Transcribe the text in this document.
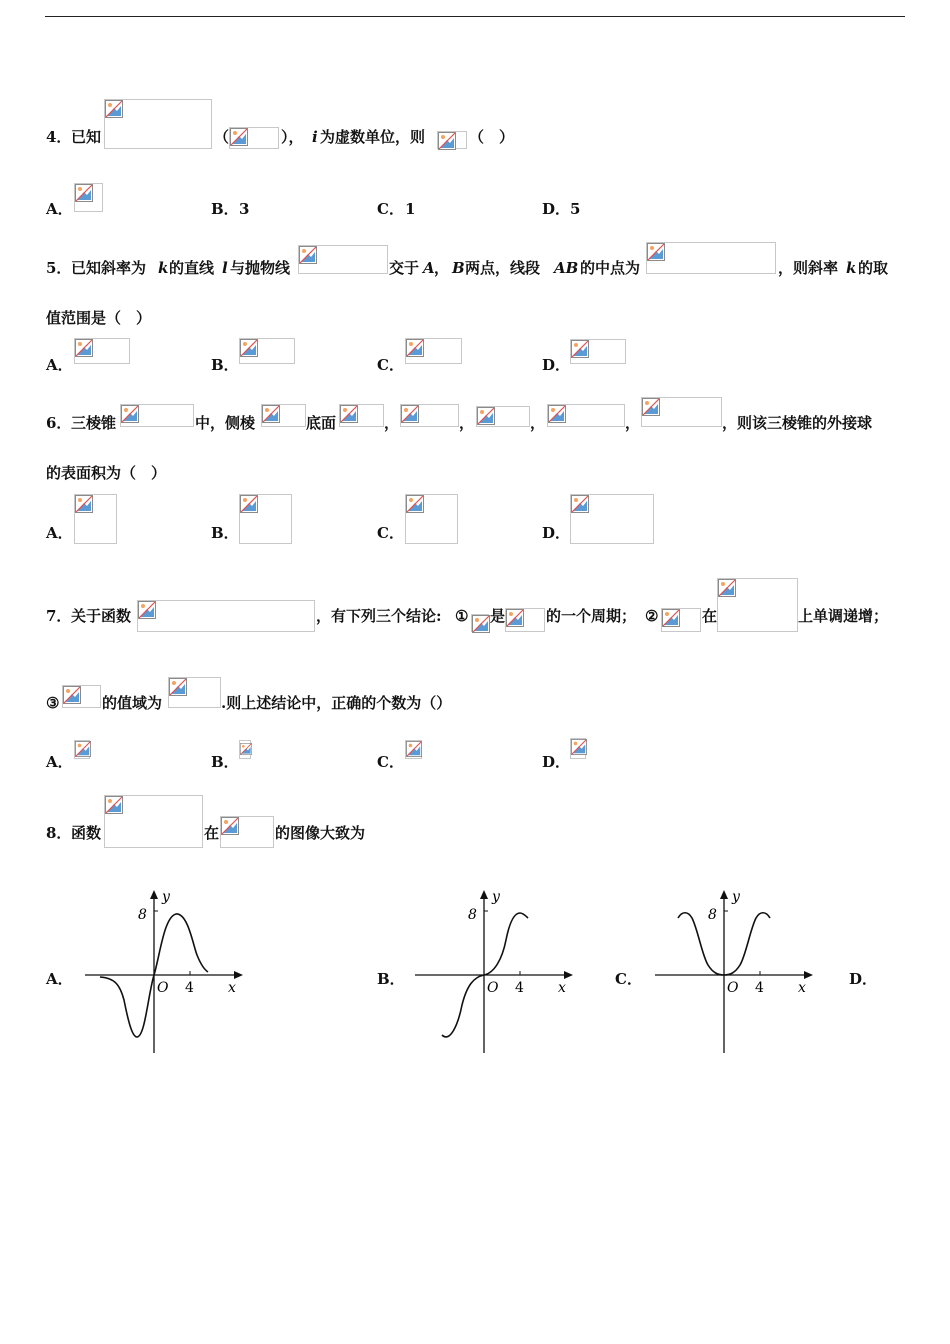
4． 已知	（	）， i 为虚数单位，则	（　）
A．	B． 3	C． 1	D． 5
5． 已知斜率为 k 的直线 l 与抛物线	交于 A ， B 两点，线段 AB 的中点为	，则斜率 k 的取
值范围是（　）
A．	B．	C．	D．
6． 三棱锥	中，侧棱	底面	，	，	，	，	，则该三棱锥的外接球
的表面积为（　）
A．	B．	C．	D．
7． 关于函数	，有下列三个结论: ① 是	的一个周期； ②	在	上单调递增；
③	的值域为	.则上述结论中，正确的个数为（）
A．	B．	C．	D．
8． 函数	在	的图像大致为
A．	B．	C．	D．
8
y
O 4 x
8
y
O 4 x
8
y
O 4 x
